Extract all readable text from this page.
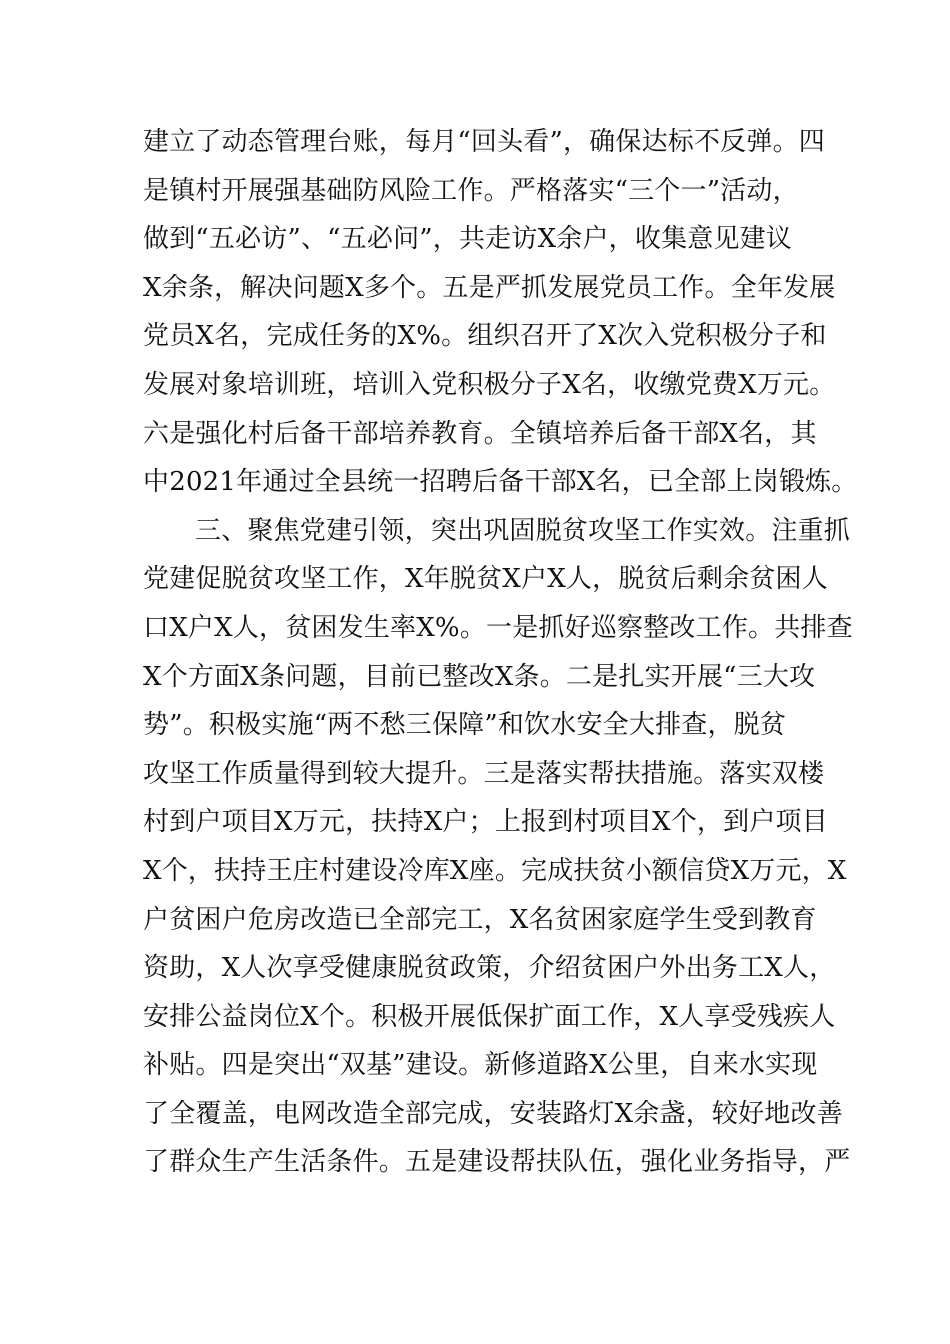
建立了动态管理台账，每月“回头看”，确保达标不反弹。四
是镇村开展强基础防风险工作。严格落实“三个一”活动，
做到“五必访”、“五必问”，共走访X余户，收集意见建议
X余条，解决问题X多个。五是严抓发展党员工作。全年发展
党员X名，完成任务的X%。组织召开了X次入党积极分子和
发展对象培训班，培训入党积极分子X名，收缴党费X万元。
六是强化村后备干部培养教育。全镇培养后备干部X名，其
中2021年通过全县统一招聘后备干部X名，已全部上岗锻炼。
三、聚焦党建引领，突出巩固脱贫攻坚工作实效。注重抓
党建促脱贫攻坚工作，X年脱贫X户X人，脱贫后剩余贫困人
口X户X人，贫困发生率X%。一是抓好巡察整改工作。共排查
X个方面X条问题，目前已整改X条。二是扎实开展“三大攻
势”。积极实施“两不愁三保障”和饮水安全大排查，脱贫
攻坚工作质量得到较大提升。三是落实帮扶措施。落实双楼
村到户项目X万元，扶持X户；上报到村项目X个，到户项目
X个，扶持王庄村建设冷库X座。完成扶贫小额信贷X万元，X
户贫困户危房改造已全部完工，X名贫困家庭学生受到教育
资助，X人次享受健康脱贫政策，介绍贫困户外出务工X人，
安排公益岗位X个。积极开展低保扩面工作，X人享受残疾人
补贴。四是突出“双基”建设。新修道路X公里，自来水实现
了全覆盖，电网改造全部完成，安装路灯X余盏，较好地改善
了群众生产生活条件。五是建设帮扶队伍，强化业务指导，严
